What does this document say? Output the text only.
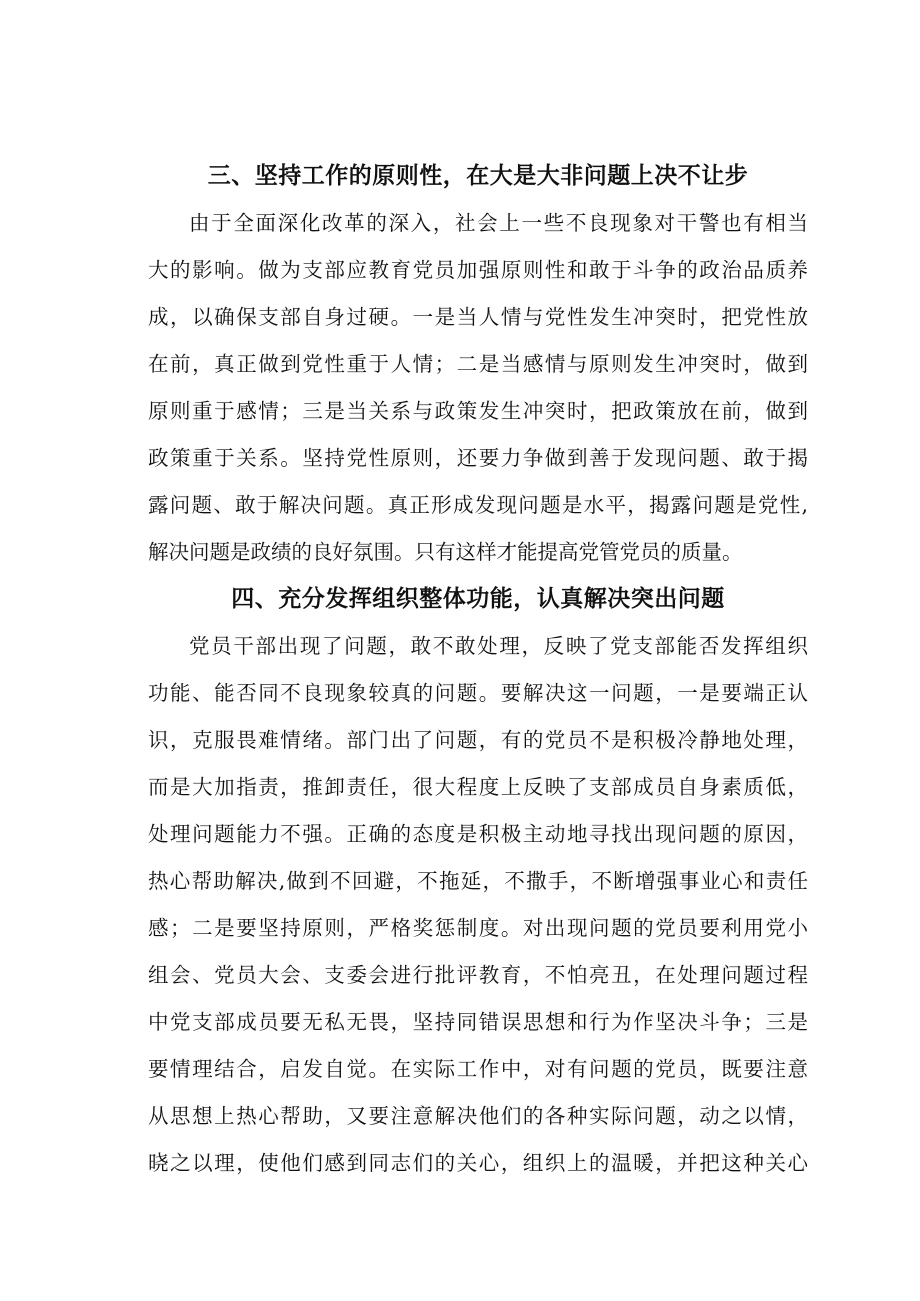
三、坚持工作的原则性，在大是大非问题上决不让步
由于全面深化改革的深入，社会上一些不良现象对干警也有相当
大的影响。做为支部应教育党员加强原则性和敢于斗争的政治品质养
成，以确保支部自身过硬。一是当人情与党性发生冲突时，把党性放
在前，真正做到党性重于人情；二是当感情与原则发生冲突时，做到
原则重于感情；三是当关系与政策发生冲突时，把政策放在前，做到
政策重于关系。坚持党性原则，还要力争做到善于发现问题、敢于揭
露问题、敢于解决问题。真正形成发现问题是水平，揭露问题是党性,
解决问题是政绩的良好氛围。只有这样才能提高党管党员的质量。
四、充分发挥组织整体功能，认真解决突出问题
党员干部出现了问题，敢不敢处理，反映了党支部能否发挥组织
功能、能否同不良现象较真的问题。要解决这一问题，一是要端正认
识，克服畏难情绪。部门出了问题，有的党员不是积极冷静地处理，
而是大加指责，推卸责任，很大程度上反映了支部成员自身素质低，
处理问题能力不强。正确的态度是积极主动地寻找出现问题的原因，
热心帮助解决,做到不回避，不拖延，不撒手，不断增强事业心和责任
感；二是要坚持原则，严格奖惩制度。对出现问题的党员要利用党小
组会、党员大会、支委会进行批评教育，不怕亮丑，在处理问题过程
中党支部成员要无私无畏，坚持同错误思想和行为作坚决斗争；三是
要情理结合，启发自觉。在实际工作中，对有问题的党员，既要注意
从思想上热心帮助，又要注意解决他们的各种实际问题，动之以情，
晓之以理，使他们感到同志们的关心，组织上的温暖，并把这种关心
